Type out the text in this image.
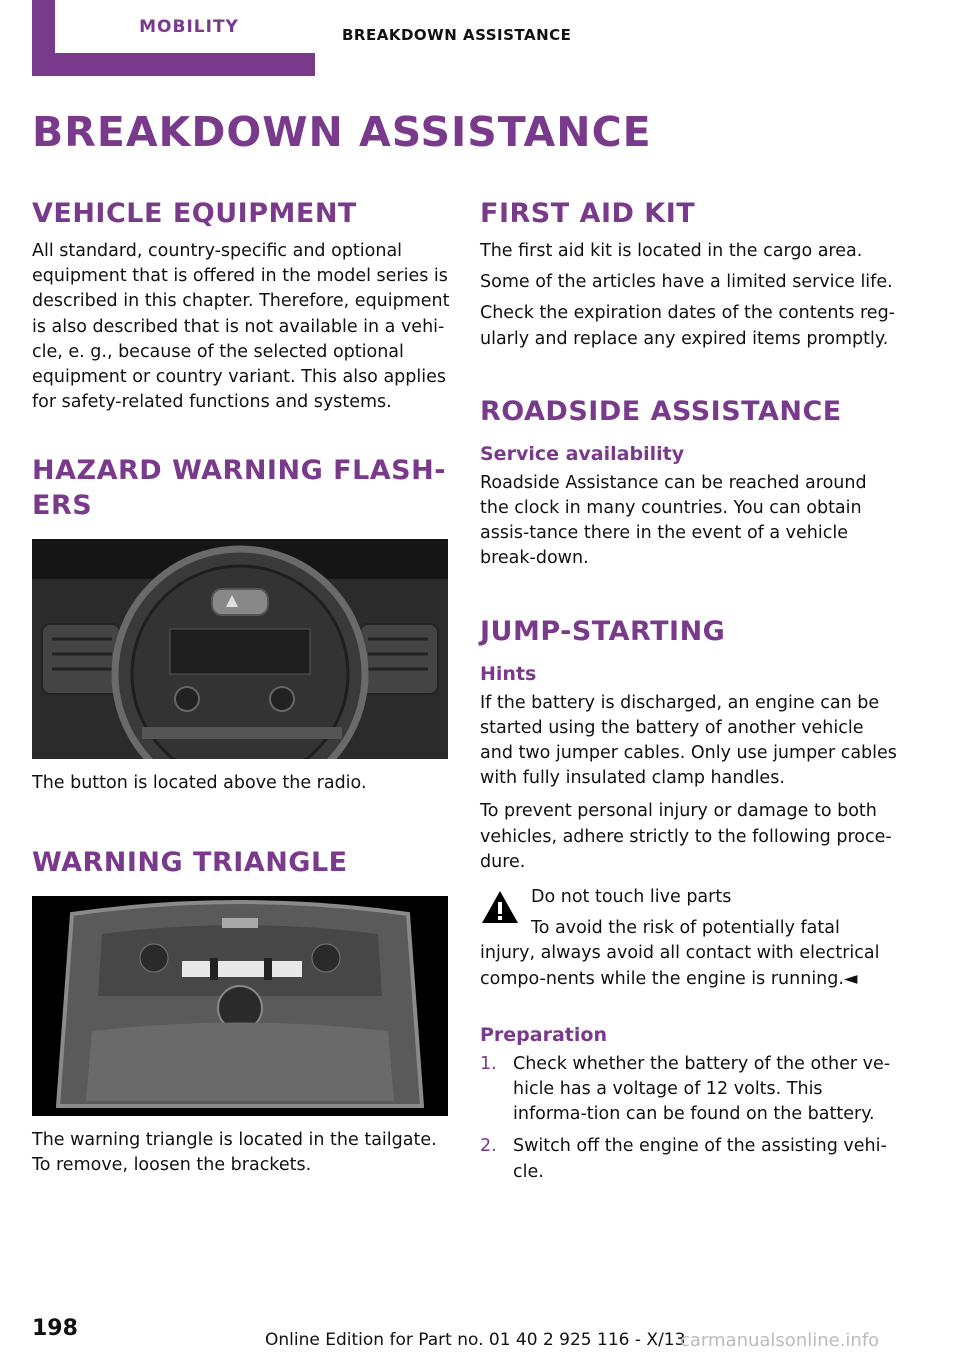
MOBILITY	BREAKDOWN ASSISTANCE
BREAKDOWN ASSISTANCE
VEHICLE EQUIPMENT

All standard, country-specific and optional equipment that is offered in the model series is described in this chapter. Therefore, equipment is also described that is not available in a vehi-cle, e. g., because of the selected optional equipment or country variant. This also applies for safety-related functions and systems.

HAZARD WARNING FLASH-ERS

The button is located above the radio.

WARNING TRIANGLE

The warning triangle is located in the tailgate. To remove, loosen the brackets.

FIRST AID KIT

The first aid kit is located in the cargo area.

Some of the articles have a limited service life.

Check the expiration dates of the contents reg-ularly and replace any expired items promptly.

ROADSIDE ASSISTANCE
Service availability

Roadside Assistance can be reached around the clock in many countries. You can obtain assis-tance there in the event of a vehicle break-down.

JUMP-STARTING
Hints

If the battery is discharged, an engine can be started using the battery of another vehicle and two jumper cables. Only use jumper cables with fully insulated clamp handles.

To prevent personal injury or damage to both vehicles, adhere strictly to the following proce-dure.

Do not touch live parts

To avoid the risk of potentially fatal injury, always avoid all contact with electrical compo-nents while the engine is running.◄

Preparation
1. Check whether the battery of the other ve-hicle has a voltage of 12 volts. This informa-tion can be found on the battery.
2. Switch off the engine of the assisting vehi-cle.
198	Online Edition for Part no. 01 40 2 925 116 - X/13
carmanualsonline.info
